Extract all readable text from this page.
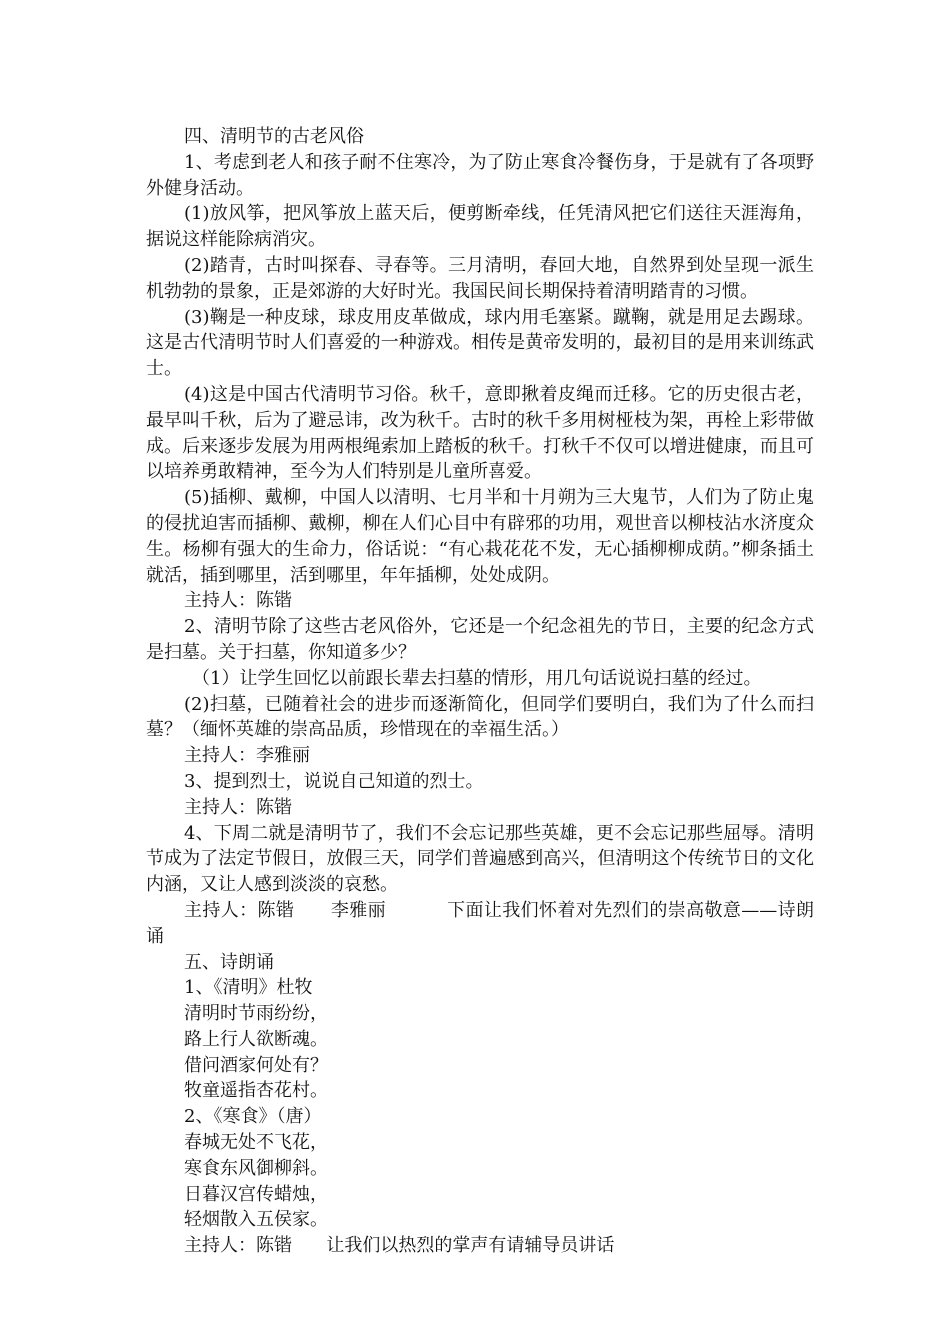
四、清明节的古老风俗

1、考虑到老人和孩子耐不住寒冷，为了防止寒食冷餐伤身，于是就有了各项野外健身活动。

(1)放风筝，把风筝放上蓝天后，便剪断牵线，任凭清风把它们送往天涯海角，据说这样能除病消灾。

(2)踏青，古时叫探春、寻春等。三月清明，春回大地，自然界到处呈现一派生机勃勃的景象，正是郊游的大好时光。我国民间长期保持着清明踏青的习惯。

(3)鞠是一种皮球，球皮用皮革做成，球内用毛塞紧。蹴鞠，就是用足去踢球。这是古代清明节时人们喜爱的一种游戏。相传是黄帝发明的，最初目的是用来训练武士。

(4)这是中国古代清明节习俗。秋千，意即揪着皮绳而迁移。它的历史很古老，最早叫千秋，后为了避忌讳，改为秋千。古时的秋千多用树桠枝为架，再栓上彩带做成。后来逐步发展为用两根绳索加上踏板的秋千。打秋千不仅可以增进健康，而且可以培养勇敢精神，至今为人们特别是儿童所喜爱。

(5)插柳、戴柳，中国人以清明、七月半和十月朔为三大鬼节，人们为了防止鬼的侵扰迫害而插柳、戴柳，柳在人们心目中有辟邪的功用，观世音以柳枝沾水济度众生。杨柳有强大的生命力，俗话说：“有心栽花花不发，无心插柳柳成荫。”柳条插土就活，插到哪里，活到哪里，年年插柳，处处成阴。

主持人：陈锴

2、清明节除了这些古老风俗外，它还是一个纪念祖先的节日，主要的纪念方式是扫墓。关于扫墓，你知道多少？

（1）让学生回忆以前跟长辈去扫墓的情形，用几句话说说扫墓的经过。

(2)扫墓，已随着社会的进步而逐渐简化，但同学们要明白，我们为了什么而扫墓？（缅怀英雄的崇高品质，珍惜现在的幸福生活。）

主持人：李雅丽

3、提到烈士，说说自己知道的烈士。

主持人：陈锴

4、下周二就是清明节了，我们不会忘记那些英雄，更不会忘记那些屈辱。清明节成为了法定节假日，放假三天，同学们普遍感到高兴，但清明这个传统节日的文化内涵，又让人感到淡淡的哀愁。

主持人：陈锴      李雅丽          下面让我们怀着对先烈们的崇高敬意——诗朗诵

五、诗朗诵

1、《清明》杜牧

清明时节雨纷纷，

路上行人欲断魂。

借问酒家何处有？

牧童遥指杏花村。

2、《寒食》（唐）

春城无处不飞花，

寒食东风御柳斜。

日暮汉宫传蜡烛，

轻烟散入五侯家。

主持人：陈锴      让我们以热烈的掌声有请辅导员讲话
